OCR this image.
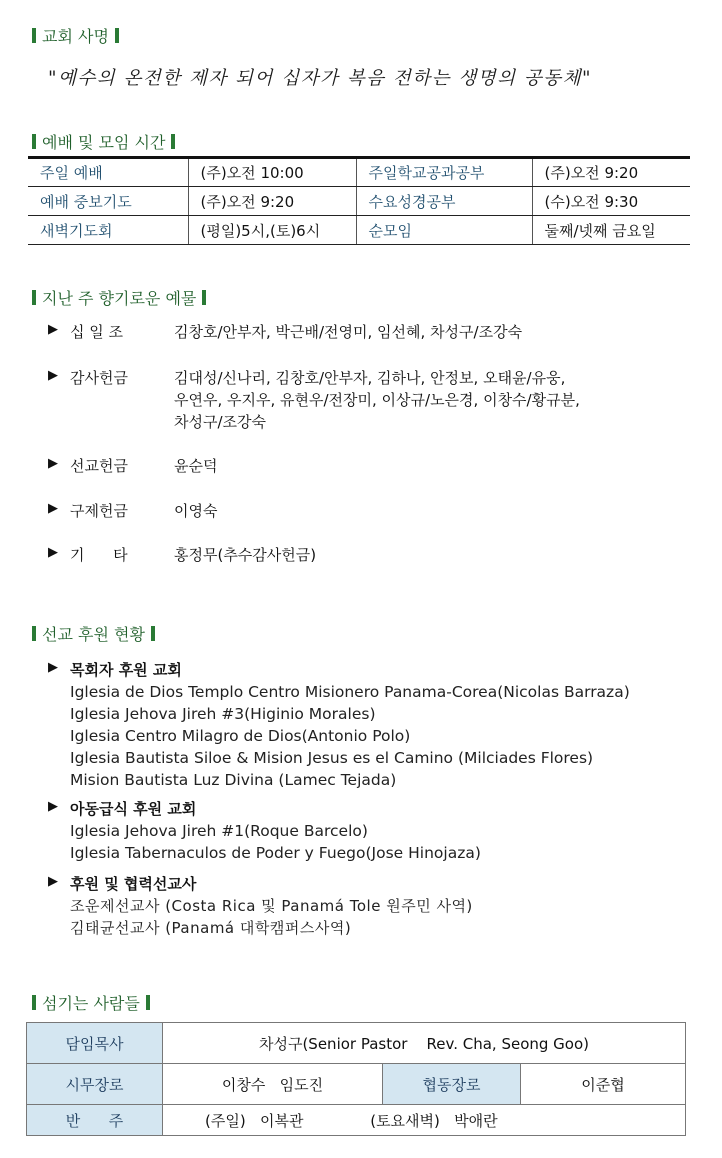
교회 사명
"예수의 온전한 제자 되어 십자가 복음 전하는 생명의 공동체"
예배 및 모임 시간
주일 예배	(주)오전 10:00	주일학교공과공부	(주)오전 9:20
예배 중보기도	(주)오전 9:20	수요성경공부	(수)오전 9:30
새벽기도회	(평일)5시,(토)6시	순모임	둘째/넷째 금요일
지난 주 향기로운 예물
▶ 십 일 조	김창호/안부자, 박근배/전영미, 임선혜, 차성구/조강숙
▶ 감사헌금	김대성/신나리, 김창호/안부자, 김하나, 안정보, 오태윤/유웅,
우연우, 우지우, 유현우/전장미, 이상규/노은경, 이창수/황규분,
차성구/조강숙
▶ 선교헌금	윤순덕
▶ 구제헌금	이영숙
▶ 기      타	홍정무(추수감사헌금)
선교 후원 현황
▶ 목회자 후원 교회
Iglesia de Dios Templo Centro Misionero Panama-Corea(Nicolas Barraza)
Iglesia Jehova Jireh #3(Higinio Morales)
Iglesia Centro Milagro de Dios(Antonio Polo)
Iglesia Bautista Siloe & Mision Jesus es el Camino (Milciades Flores)
Mision Bautista Luz Divina (Lamec Tejada)
▶ 아동급식 후원 교회
Iglesia Jehova Jireh #1(Roque Barcelo)
Iglesia Tabernaculos de Poder y Fuego(Jose Hinojaza)
▶ 후원 및 협력선교사
조운제선교사 (Costa Rica 및 Panamá Tole 원주민 사역)
김태균선교사 (Panamá 대학캠퍼스사역)
섬기는 사람들
담임목사	차성구(Senior Pastor    Rev. Cha, Seong Goo)		
시무장로	이창수   임도진	협동장로	이준협
반      주	(주일)   이복관              (토요새벽)   박애란		
